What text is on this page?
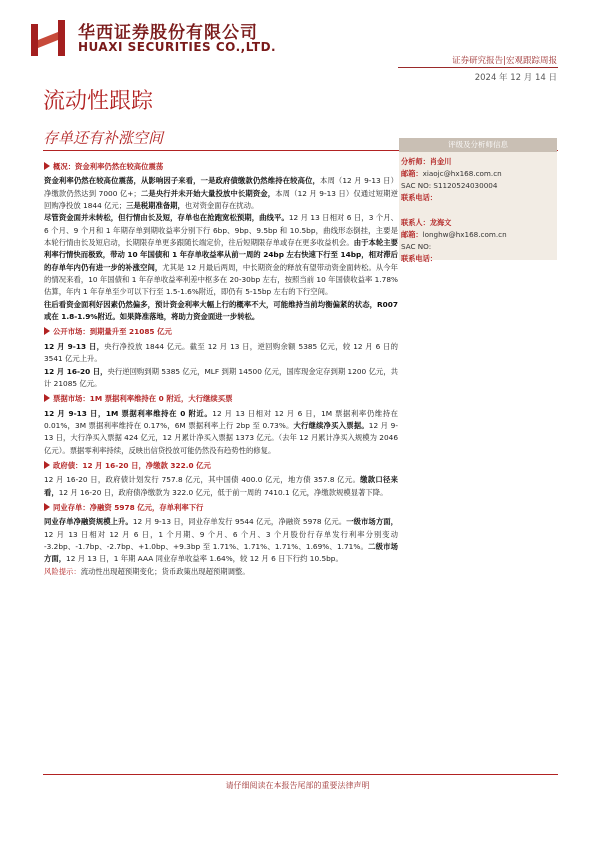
华西证券股份有限公司
HUAXI SECURITIES CO.,LTD.
证券研究报告|宏观跟踪周报
2024 年 12 月 14 日
流动性跟踪
存单还有补涨空间	评级及分析师信息
分析师：肖金川
邮箱：xiaojc@hx168.com.cn
SAC NO: S1120524030004
联系电话：
联系人：龙海文
邮箱：longhw@hx168.com.cn
SAC NO:
联系电话：
概况：资金利率仍然在较高位震荡

资金利率仍然在较高位震荡，从影响因子来看，一是政府债缴款仍然维持在较高位，本周（12 月 9-13 日）净缴款仍然达到 7000 亿+；二是央行并未开始大量投放中长期资金，本周（12 月 9-13 日）仅通过短期逆回购净投放 1844 亿元；三是税期准备期，也对资金面存在扰动。

尽管资金面并未转松，但行情由长及短，存单也在抢跑宽松预期，曲线平。12 月 13 日相对 6 日，3 个月、6 个月、9 个月和 1 年期存单到期收益率分别下行 6bp、9bp、9.5bp 和 10.5bp，曲线形态倒挂，主要是本轮行情由长及短启动，长期限存单更多跟随长端定价，往后短期限存单或存在更多收益机会。由于本轮主要利率行情快而极致，带动 10 年国债和 1 年存单收益率从前一周的 24bp 左右快速下行至 14bp，相对滞后的存单年内仍有进一步的补涨空间，尤其是 12 月最后两周，中长期资金的释放有望带动资金面转松。从今年的情况来看，10 年国债和 1 年存单收益率利差中枢多在 20-30bp 左右，按照当前 10 年国债收益率 1.78%估算，年内 1 年存单至少可以下行至 1.5-1.6%附近，即仍有 5-15bp 左右的下行空间。

往后看资金面利好因素仍然偏多，预计资金利率大幅上行的概率不大，可能维持当前均衡偏紧的状态，R007 或在 1.8-1.9%附近。如果降准落地，将助力资金面进一步转松。

公开市场：到期量升至 21085 亿元

12 月 9-13 日，央行净投放 1844 亿元。截至 12 月 13 日，逆回购余额 5385 亿元，较 12 月 6 日的 3541 亿元上升。

12 月 16-20 日，央行逆回购到期 5385 亿元，MLF 到期 14500 亿元，国库现金定存到期 1200 亿元，共计 21085 亿元。

票据市场：1M 票据利率维持在 0 附近，大行继续买票

12 月 9-13 日，1M 票据利率维持在 0 附近。12 月 13 日相对 12 月 6 日，1M 票据利率仍维持在 0.01%，3M 票据利率维持在 0.17%，6M 票据利率上行 2bp 至 0.73%。大行继续净买入票据。12 月 9-13 日，大行净买入票据 424 亿元，12 月累计净买入票据 1373 亿元。（去年 12 月累计净买入规模为 2046 亿元）。票据零利率持续，反映出信贷投放可能仍然没有趋势性的修复。

政府债：12 月 16-20 日，净缴款 322.0 亿元

12 月 16-20 日，政府债计划发行 757.8 亿元，其中国债 400.0 亿元，地方债 357.8 亿元。缴款口径来看，12 月 16-20 日，政府债净缴款为 322.0 亿元，低于前一周的 7410.1 亿元，净缴款规模显著下降。

同业存单：净融资 5978 亿元，存单利率下行

同业存单净融资规模上升。12 月 9-13 日，同业存单发行 9544 亿元，净融资 5978 亿元。一级市场方面，12 月 13 日相对 12 月 6 日，1 个月期、9 个月、6 个月、3 个月股份行存单发行利率分别变动 -3.2bp、-1.7bp、-2.7bp、+1.0bp、+9.3bp 至 1.71%、1.71%、1.71%、1.69%、1.71%。二级市场方面，12 月 13 日，1 年期 AAA 同业存单收益率 1.64%，较 12 月 6 日下行约 10.5bp。

风险提示：流动性出现超预期变化；货币政策出现超预期调整。

请仔细阅读在本报告尾部的重要法律声明
